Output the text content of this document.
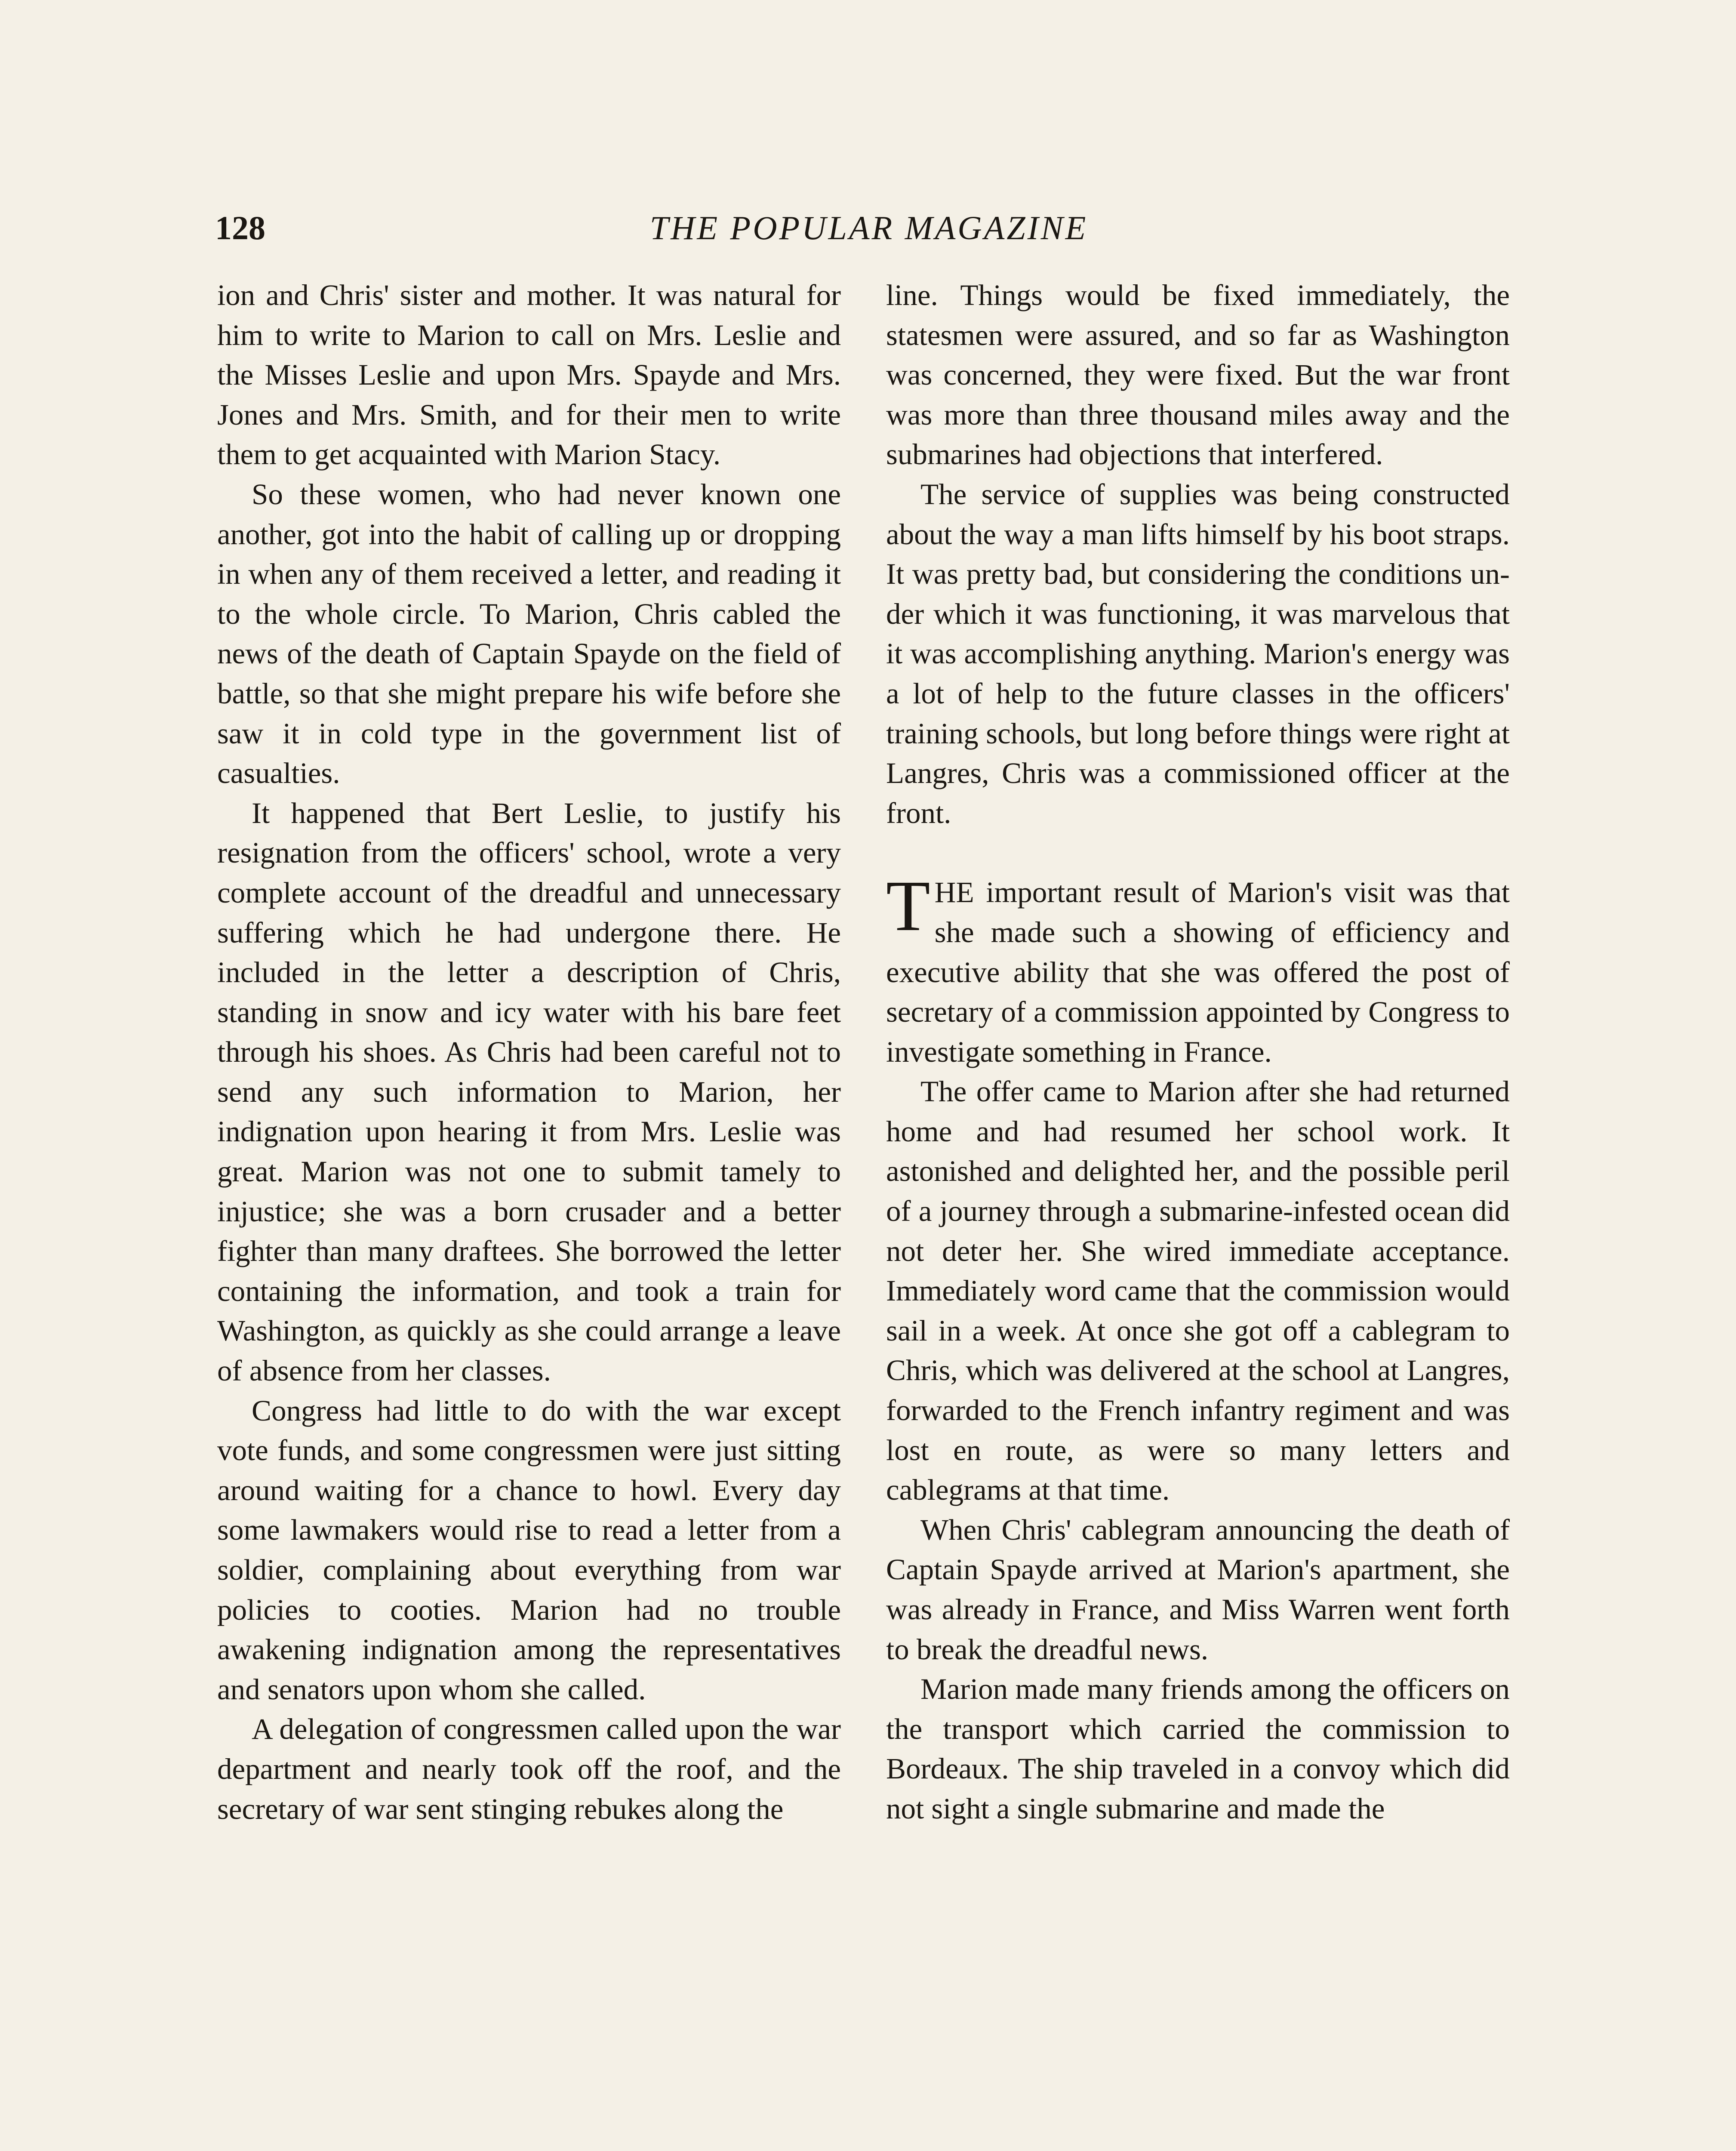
128	THE POPULAR MAGAZINE

ion and Chris' sister and mother. It was natural for him to write to Marion to call on Mrs. Leslie and the Misses Leslie and upon Mrs. Spayde and Mrs. Jones and Mrs. Smith, and for their men to write them to get acquainted with Marion Stacy.

So these women, who had never known one another, got into the habit of calling up or dropping in when any of them received a letter, and reading it to the whole circle. To Marion, Chris cabled the news of the death of Captain Spayde on the field of battle, so that she might prepare his wife before she saw it in cold type in the government list of casualties.

It happened that Bert Leslie, to justify his resignation from the officers' school, wrote a very complete account of the dreadful and unnecessary suffering which he had undergone there. He included in the letter a description of Chris, standing in snow and icy water with his bare feet through his shoes. As Chris had been careful not to send any such information to Marion, her indignation upon hearing it from Mrs. Leslie was great. Marion was not one to submit tamely to injustice; she was a born crusader and a better fighter than many draftees. She borrowed the letter containing the information, and took a train for Washington, as quickly as she could arrange a leave of absence from her classes.

Congress had little to do with the war except vote funds, and some congressmen were just sitting around waiting for a chance to howl. Every day some lawmakers would rise to read a letter from a soldier, complaining about everything from war policies to cooties. Marion had no trouble awakening indignation among the representatives and senators upon whom she called.

A delegation of congressmen called upon the war department and nearly took off the roof, and the secretary of war sent stinging rebukes along the

line. Things would be fixed immediately, the statesmen were assured, and so far as Washington was concerned, they were fixed. But the war front was more than three thousand miles away and the submarines had objections that interfered.

The service of supplies was being constructed about the way a man lifts himself by his boot straps. It was pretty bad, but considering the conditions under which it was functioning, it was marvelous that it was accomplishing anything. Marion's energy was a lot of help to the future classes in the officers' training schools, but long before things were right at Langres, Chris was a commissioned officer at the front.

THE important result of Marion's visit was that she made such a showing of efficiency and executive ability that she was offered the post of secretary of a commission appointed by Congress to investigate something in France.

The offer came to Marion after she had returned home and had resumed her school work. It astonished and delighted her, and the possible peril of a journey through a submarine-infested ocean did not deter her. She wired immediate acceptance. Immediately word came that the commission would sail in a week. At once she got off a cablegram to Chris, which was delivered at the school at Langres, forwarded to the French infantry regiment and was lost en route, as were so many letters and cablegrams at that time.

When Chris' cablegram announcing the death of Captain Spayde arrived at Marion's apartment, she was already in France, and Miss Warren went forth to break the dreadful news.

Marion made many friends among the officers on the transport which carried the commission to Bordeaux. The ship traveled in a convoy which did not sight a single submarine and made the
